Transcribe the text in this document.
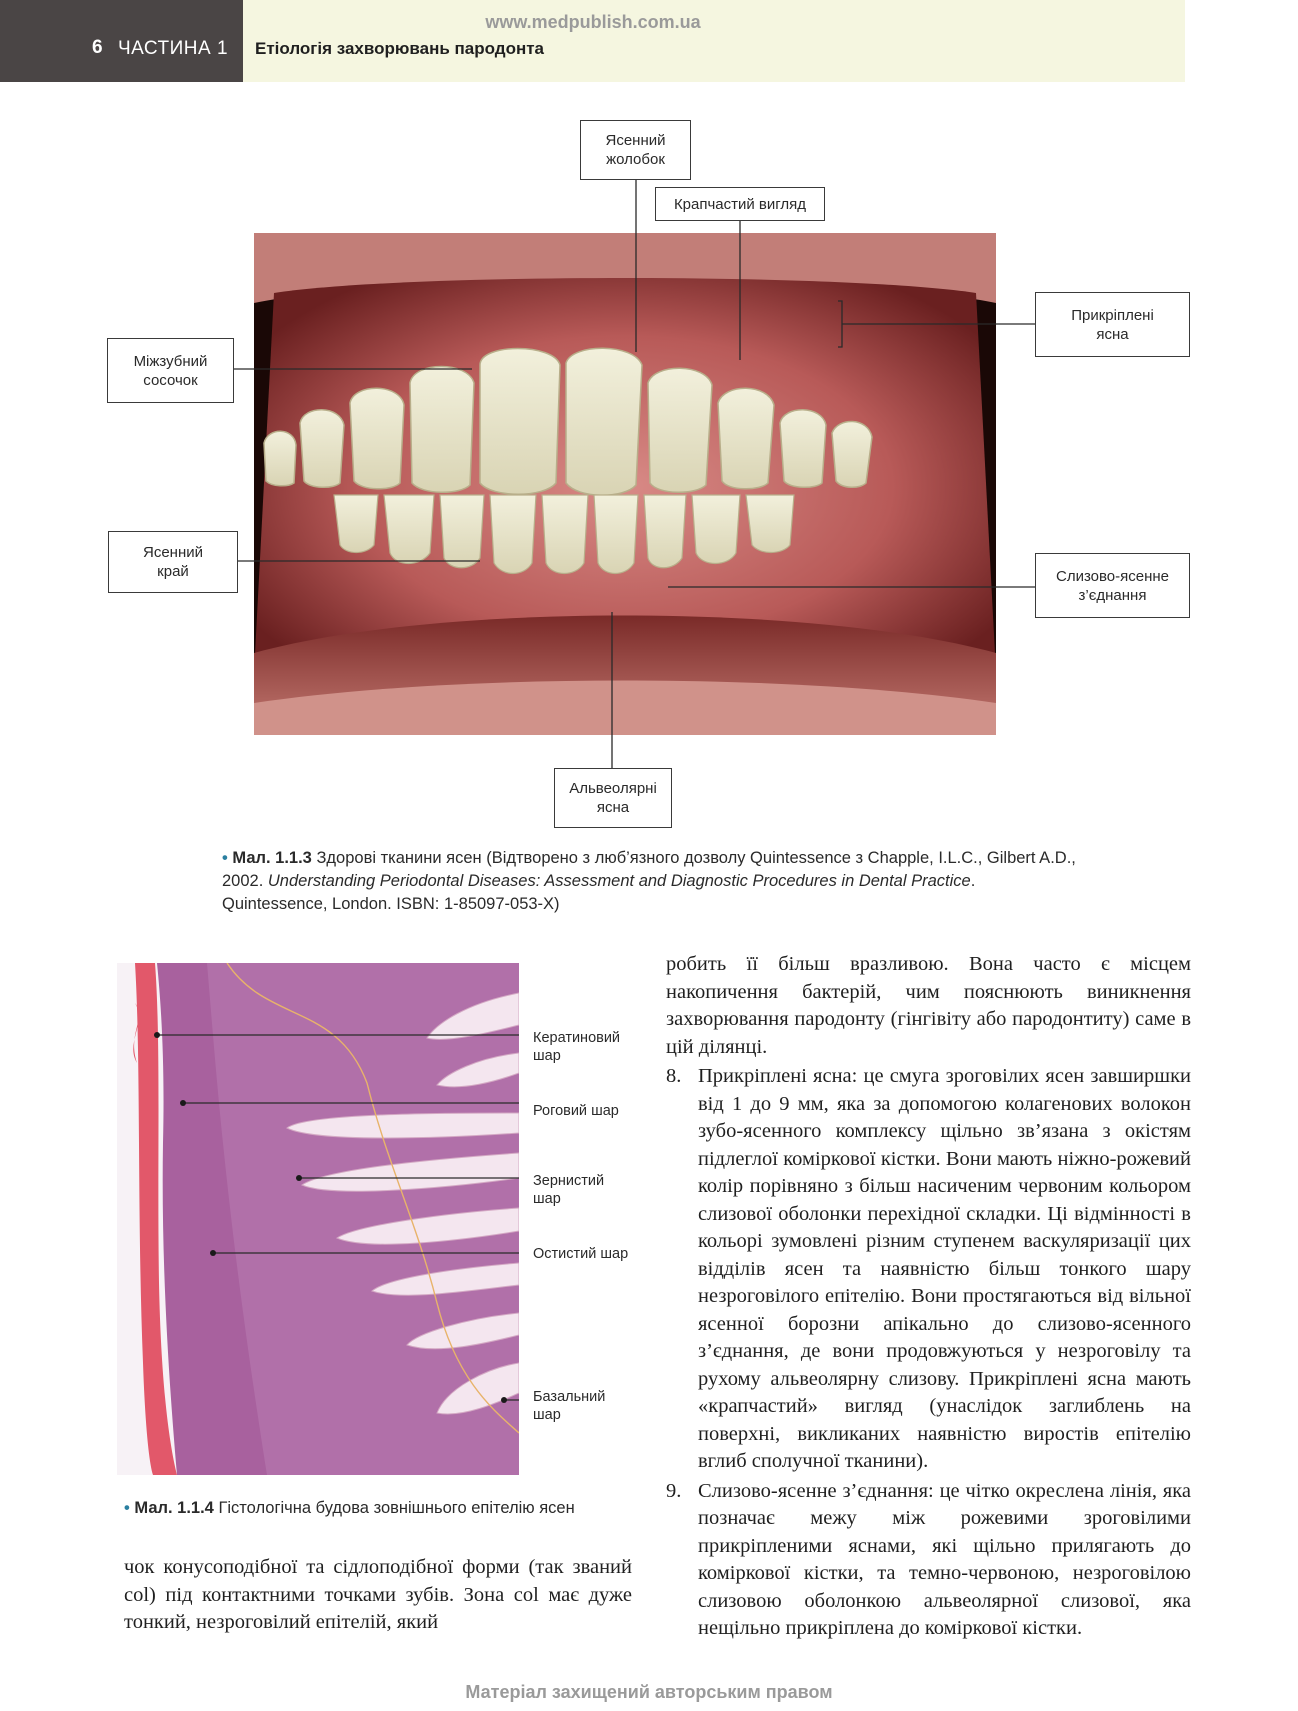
www.medpublish.com.ua
6 ЧАСТИНА 1 Етіологія захворювань пародонта
Ясенний
жолобок
Крапчастий вигляд
Прикріплені
ясна
Міжзубний
сосочок
Ясенний
край	Слизово-ясенне
з’єднання
Альвеолярні
ясна
• Мал. 1.1.3 Здорові тканини ясен (Відтворено з люб’язного дозволу Quintessence з Chapple, I.L.C., Gilbert A.D., 2002. Understanding Periodontal Diseases: Assessment and Diagnostic Procedures in Dental Practice. Quintessence, London. ISBN: 1-85097-053-X)
Кератиновий
шар
Роговий шар
Зернистий
шар
Остистий шар
Базальний
шар
• Мал. 1.1.4 Гістологічна будова зовнішнього епітелію ясен
чок конусоподібної та сідлоподібної форми (так званий col) під контактними точками зубів. Зона col має дуже тонкий, незроговілий епітелій, який
робить її більш вразливою. Вона часто є місцем накопичення бактерій, чим пояснюють виникнення захворювання пародонту (гінгівіту або пародонтиту) саме в цій ділянці.
8. Прикріплені ясна: це смуга зроговілих ясен завширшки від 1 до 9 мм, яка за допомогою колагенових волокон зубо-ясенного комплексу щільно зв’язана з окістям підлеглої коміркової кістки. Вони мають ніжно-рожевий колір порівняно з більш насиченим червоним кольором слизової оболонки перехідної складки. Ці відмінності в кольорі зумовлені різним ступенем васкуляризації цих відділів ясен та наявністю більш тонкого шару незроговілого епітелію. Вони простягаються від вільної ясенної борозни апікально до слизово-ясенного з’єднання, де вони продовжуються у незроговілу та рухому альвеолярну слизову. Прикріплені ясна мають «крапчастий» вигляд (унаслідок заглиблень на поверхні, викликаних наявністю виростів епітелію вглиб сполучної тканини).
9. Слизово-ясенне з’єднання: це чітко окреслена лінія, яка позначає межу між рожевими зроговілими прикріпленими яснами, які щільно прилягають до коміркової кістки, та темно-червоною, незроговілою слизовою оболонкою альвеолярної слизової, яка нещільно прикріплена до коміркової кістки.
Матеріал захищений авторським правом
